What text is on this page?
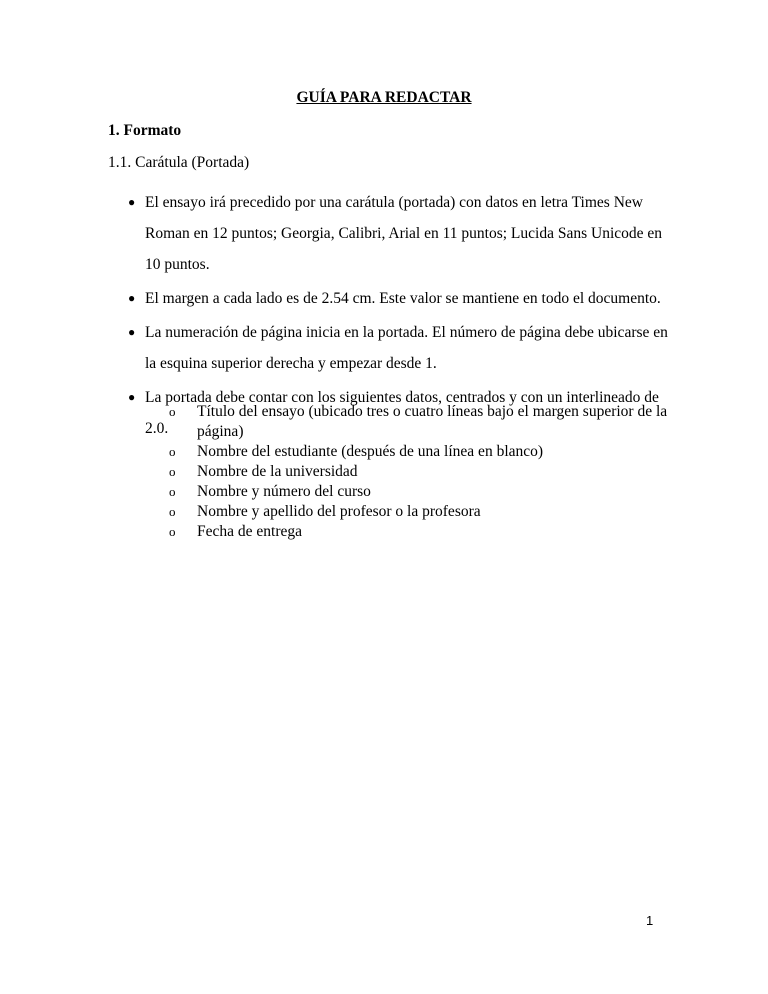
GUÍA PARA REDACTAR
1. Formato
1.1. Carátula (Portada)
● El ensayo irá precedido por una carátula (portada) con datos en letra Times New Roman en 12 puntos; Georgia, Calibri, Arial en 11 puntos; Lucida Sans Unicode en 10 puntos.
● El margen a cada lado es de 2.54 cm. Este valor se mantiene en todo el documento.
● La numeración de página inicia en la portada. El número de página debe ubicarse en la esquina superior derecha y empezar desde 1.
● La portada debe contar con los siguientes datos, centrados y con un interlineado de 2.0.
o Título del ensayo (ubicado tres o cuatro líneas bajo el margen superior de la página)
o Nombre del estudiante (después de una línea en blanco)
o Nombre de la universidad
o Nombre y número del curso
o Nombre y apellido del profesor o la profesora
o Fecha de entrega
1
